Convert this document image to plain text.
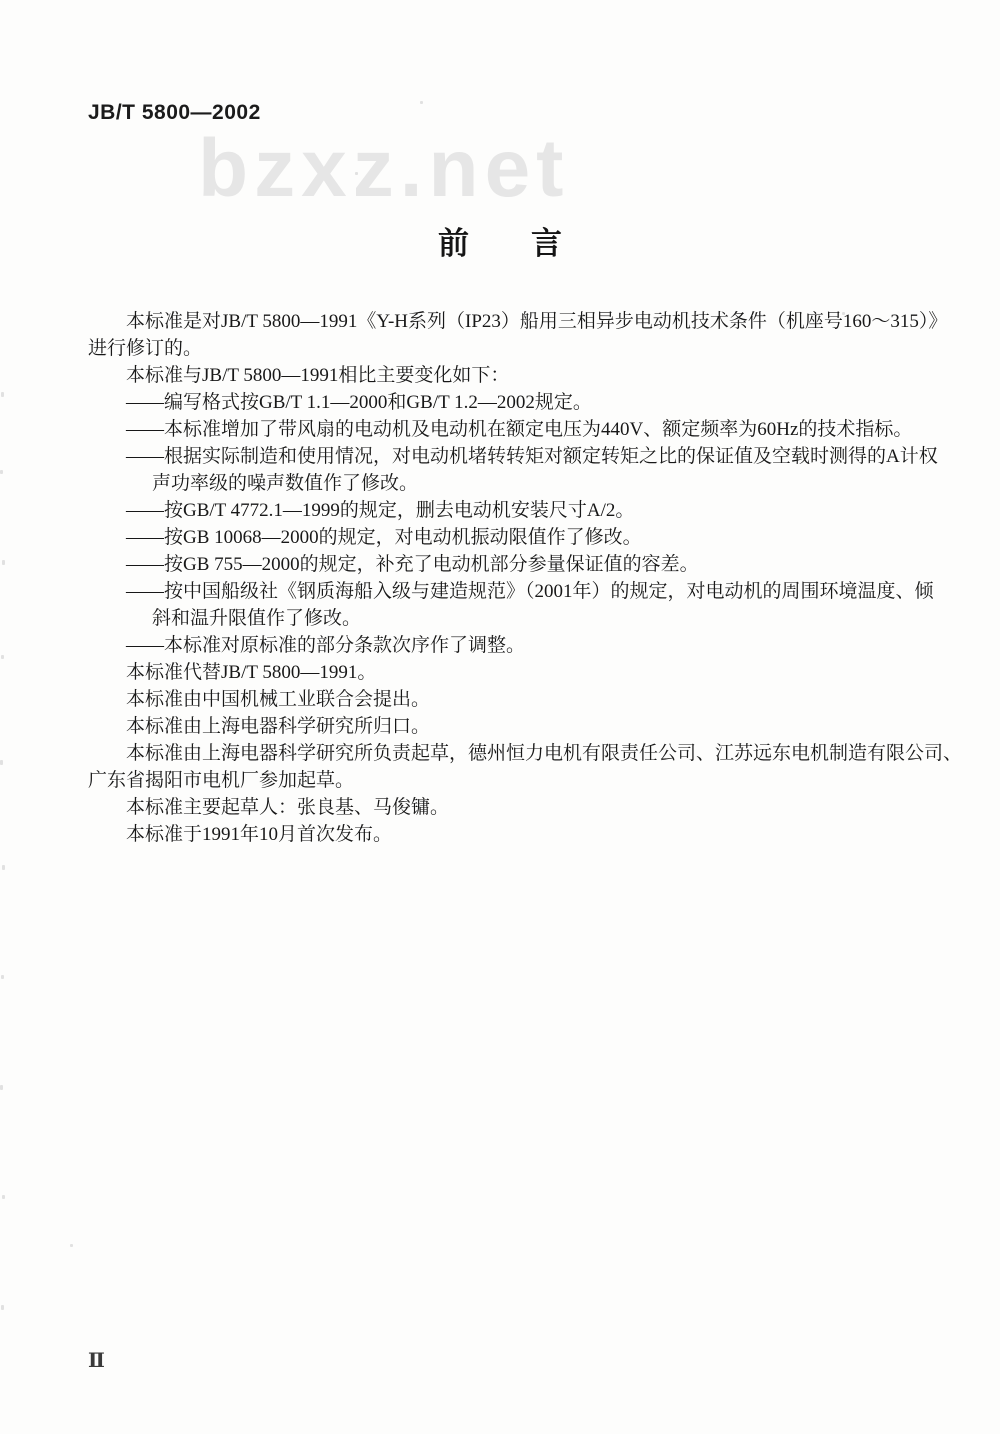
JB/T 5800—2002
bzxz.net
前 言
本标准是对JB/T 5800—1991《Y-H系列（IP23）船用三相异步电动机技术条件（机座号160～315）》
进行修订的。
本标准与JB/T 5800—1991相比主要变化如下：
——编写格式按GB/T 1.1—2000和GB/T 1.2—2002规定。
——本标准增加了带风扇的电动机及电动机在额定电压为440V、额定频率为60Hz的技术指标。
——根据实际制造和使用情况，对电动机堵转转矩对额定转矩之比的保证值及空载时测得的A计权
声功率级的噪声数值作了修改。
——按GB/T 4772.1—1999的规定，删去电动机安装尺寸A/2。
——按GB 10068—2000的规定，对电动机振动限值作了修改。
——按GB 755—2000的规定，补充了电动机部分参量保证值的容差。
——按中国船级社《钢质海船入级与建造规范》（2001年）的规定，对电动机的周围环境温度、倾
斜和温升限值作了修改。
——本标准对原标准的部分条款次序作了调整。
本标准代替JB/T 5800—1991。
本标准由中国机械工业联合会提出。
本标准由上海电器科学研究所归口。
本标准由上海电器科学研究所负责起草，德州恒力电机有限责任公司、江苏远东电机制造有限公司、
广东省揭阳市电机厂参加起草。
本标准主要起草人：张良基、马俊镛。
本标准于1991年10月首次发布。
Ⅱ
